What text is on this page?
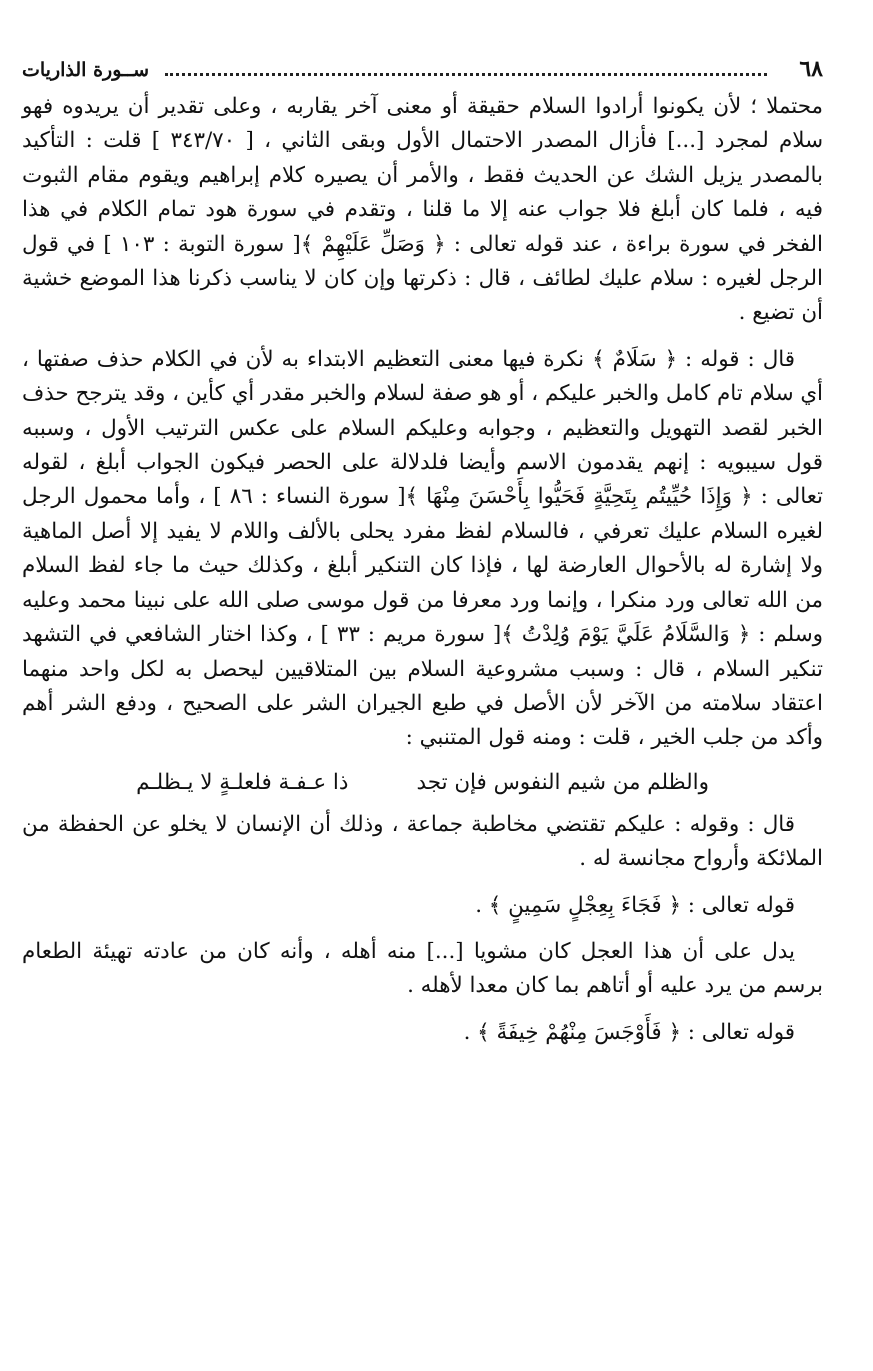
٦٨
ســورة الذاريات

محتملا ؛ لأن يكونوا أرادوا السلام حقيقة أو معنى آخر يقاربه ، وعلى تقدير أن يريدوه فهو سلام لمجرد [...] فأزال المصدر الاحتمال الأول وبقى الثاني ، [ ٣٤٣/٧٠ ] قلت : التأكيد بالمصدر يزيل الشك عن الحديث فقط ، والأمر أن يصيره كلام إبراهيم ويقوم مقام الثبوت فيه ، فلما كان أبلغ فلا جواب عنه إلا ما قلنا ، وتقدم في سورة هود تمام الكلام في هذا الفخر في سورة براءة ، عند قوله تعالى : ﴿ وَصَلِّ عَلَيْهِمْ ﴾[ سورة التوبة : ١٠٣ ] في قول الرجل لغيره : سلام عليك لطائف ، قال : ذكرتها وإن كان لا يناسب ذكرنا هذا الموضع خشية أن تضيع .

قال : قوله : ﴿ سَلَامٌ ﴾ نكرة فيها معنى التعظيم الابتداء به لأن في الكلام حذف صفتها ، أي سلام تام كامل والخبر عليكم ، أو هو صفة لسلام والخبر مقدر أي كأين ، وقد يترجح حذف الخبر لقصد التهويل والتعظيم ، وجوابه وعليكم السلام على عكس الترتيب الأول ، وسببه قول سيبويه : إنهم يقدمون الاسم وأيضا فلدلالة على الحصر فيكون الجواب أبلغ ، لقوله تعالى : ﴿ وَإِذَا حُيِّيتُم بِتَحِيَّةٍ فَحَيُّوا بِأَحْسَنَ مِنْهَا ﴾[ سورة النساء : ٨٦ ] ، وأما محمول الرجل لغيره السلام عليك تعرفي ، فالسلام لفظ مفرد يحلى بالألف واللام لا يفيد إلا أصل الماهية ولا إشارة له بالأحوال العارضة لها ، فإذا كان التنكير أبلغ ، وكذلك حيث ما جاء لفظ السلام من الله تعالى ورد منكرا ، وإنما ورد معرفا من قول موسى صلى الله على نبينا محمد وعليه وسلم : ﴿ وَالسَّلَامُ عَلَيَّ يَوْمَ وُلِدْتُ ﴾[ سورة مريم : ٣٣ ] ، وكذا اختار الشافعي في التشهد تنكير السلام ، قال : وسبب مشروعية السلام بين المتلاقيين ليحصل به لكل واحد منهما اعتقاد سلامته من الآخر لأن الأصل في طبع الجيران الشر على الصحيح ، ودفع الشر أهم وأكد من جلب الخير ، قلت : ومنه قول المتنبي :

والظلم من شيم النفوس فإن تجد
ذا عـفـة فلعلـةٍ لا يـظلـم

قال : وقوله : عليكم تقتضي مخاطبة جماعة ، وذلك أن الإنسان لا يخلو عن الحفظة من الملائكة وأرواح مجانسة له .

قوله تعالى : ﴿ فَجَاءَ بِعِجْلٍ سَمِينٍ ﴾ .

يدل على أن هذا العجل كان مشويا [...] منه أهله ، وأنه كان من عادته تهيئة الطعام برسم من يرد عليه أو أتاهم بما كان معدا لأهله .

قوله تعالى : ﴿ فَأَوْجَسَ مِنْهُمْ خِيفَةً ﴾ .
